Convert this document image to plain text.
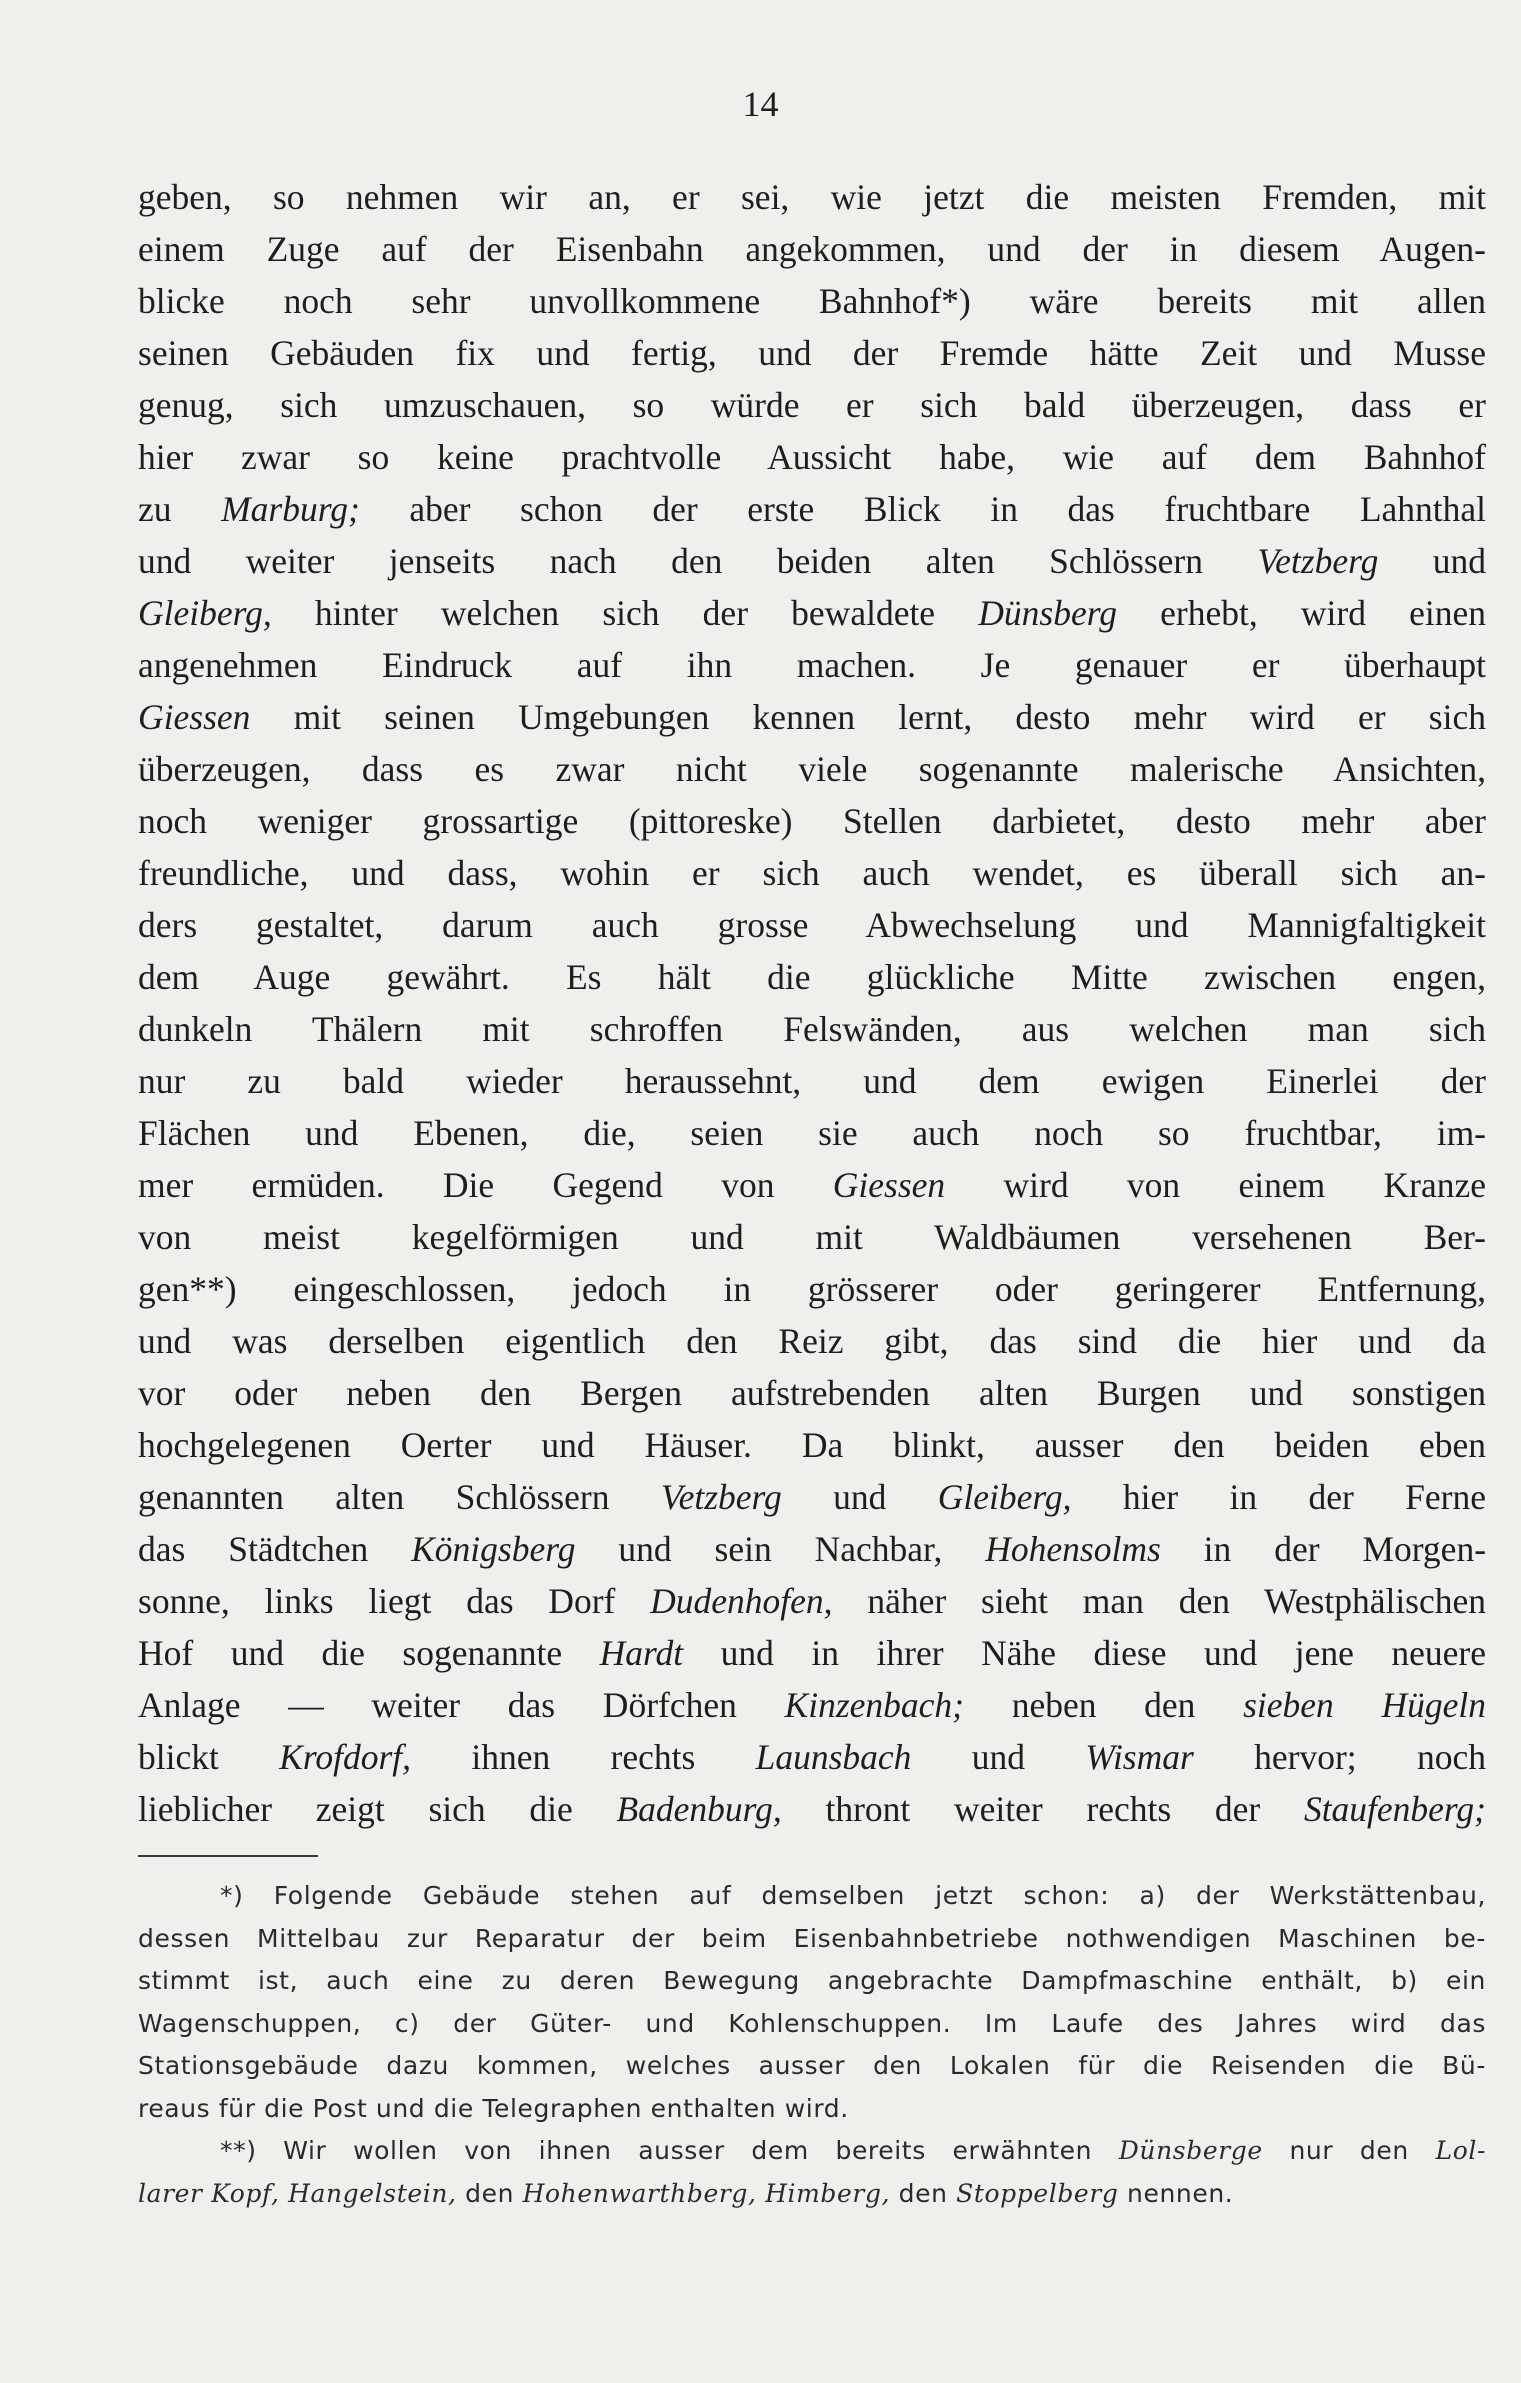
14
geben, so nehmen wir an, er sei, wie jetzt die meisten Fremden, mit
einem Zuge auf der Eisenbahn angekommen, und der in diesem Augen-
blicke noch sehr unvollkommene Bahnhof*) wäre bereits mit allen
seinen Gebäuden fix und fertig, und der Fremde hätte Zeit und Musse
genug, sich umzuschauen, so würde er sich bald überzeugen, dass er
hier zwar so keine prachtvolle Aussicht habe, wie auf dem Bahnhof
zu Marburg; aber schon der erste Blick in das fruchtbare Lahnthal
und weiter jenseits nach den beiden alten Schlössern Vetzberg und
Gleiberg, hinter welchen sich der bewaldete Dünsberg erhebt, wird einen
angenehmen Eindruck auf ihn machen. Je genauer er überhaupt
Giessen mit seinen Umgebungen kennen lernt, desto mehr wird er sich
überzeugen, dass es zwar nicht viele sogenannte malerische Ansichten,
noch weniger grossartige (pittoreske) Stellen darbietet, desto mehr aber
freundliche, und dass, wohin er sich auch wendet, es überall sich an-
ders gestaltet, darum auch grosse Abwechselung und Mannigfaltigkeit
dem Auge gewährt. Es hält die glückliche Mitte zwischen engen,
dunkeln Thälern mit schroffen Felswänden, aus welchen man sich
nur zu bald wieder heraussehnt, und dem ewigen Einerlei der
Flächen und Ebenen, die, seien sie auch noch so fruchtbar, im-
mer ermüden. Die Gegend von Giessen wird von einem Kranze
von meist kegelförmigen und mit Waldbäumen versehenen Ber-
gen**) eingeschlossen, jedoch in grösserer oder geringerer Entfernung,
und was derselben eigentlich den Reiz gibt, das sind die hier und da
vor oder neben den Bergen aufstrebenden alten Burgen und sonstigen
hochgelegenen Oerter und Häuser. Da blinkt, ausser den beiden eben
genannten alten Schlössern Vetzberg und Gleiberg, hier in der Ferne
das Städtchen Königsberg und sein Nachbar, Hohensolms in der Morgen-
sonne, links liegt das Dorf Dudenhofen, näher sieht man den Westphälischen
Hof und die sogenannte Hardt und in ihrer Nähe diese und jene neuere
Anlage — weiter das Dörfchen Kinzenbach; neben den sieben Hügeln
blickt Krofdorf, ihnen rechts Launsbach und Wismar hervor; noch
lieblicher zeigt sich die Badenburg, thront weiter rechts der Staufenberg;
*) Folgende Gebäude stehen auf demselben jetzt schon: a) der Werkstättenbau,
dessen Mittelbau zur Reparatur der beim Eisenbahnbetriebe nothwendigen Maschinen be-
stimmt ist, auch eine zu deren Bewegung angebrachte Dampfmaschine enthält, b) ein
Wagenschuppen, c) der Güter- und Kohlenschuppen. Im Laufe des Jahres wird das
Stationsgebäude dazu kommen, welches ausser den Lokalen für die Reisenden die Bü-
reaus für die Post und die Telegraphen enthalten wird.
**) Wir wollen von ihnen ausser dem bereits erwähnten Dünsberge nur den Lol-
larer Kopf, Hangelstein, den Hohenwarthberg, Himberg, den Stoppelberg nennen.
